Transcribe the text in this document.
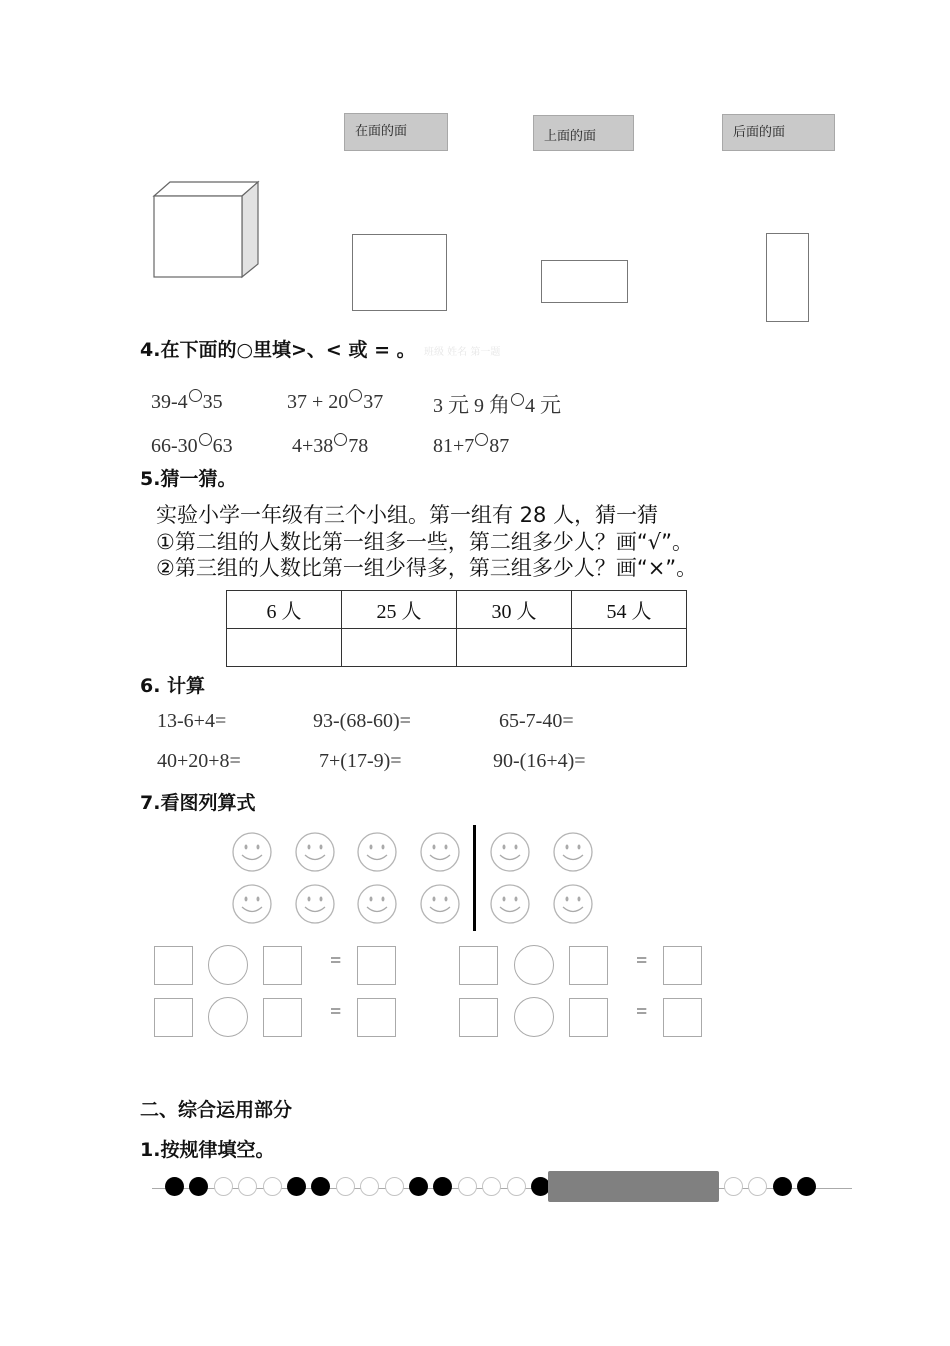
在面的面	上面的面	后面的面
4.在下面的○里填>、< 或 = 。 班级 姓名 第一题
39-4 35	37 + 20 37 3 元 9 角 4 元
66-30 63	4+38 78	81+7 87
5.猜一猜。
实验小学一年级有三个小组。第一组有 28 人，猜一猜
①第二组的人数比第一组多一些，第二组多少人？画“√”。
②第三组的人数比第一组少得多，第三组多少人？画“×”。
6 人	25 人	30 人	54 人

6. 计算
13-6+4=	93-(68-60)=	65-7-40=
40+20+8=	7+(17-9)=	90-(16+4)=
7.看图列算式
=	=
=	=
二、综合运用部分
1.按规律填空。
